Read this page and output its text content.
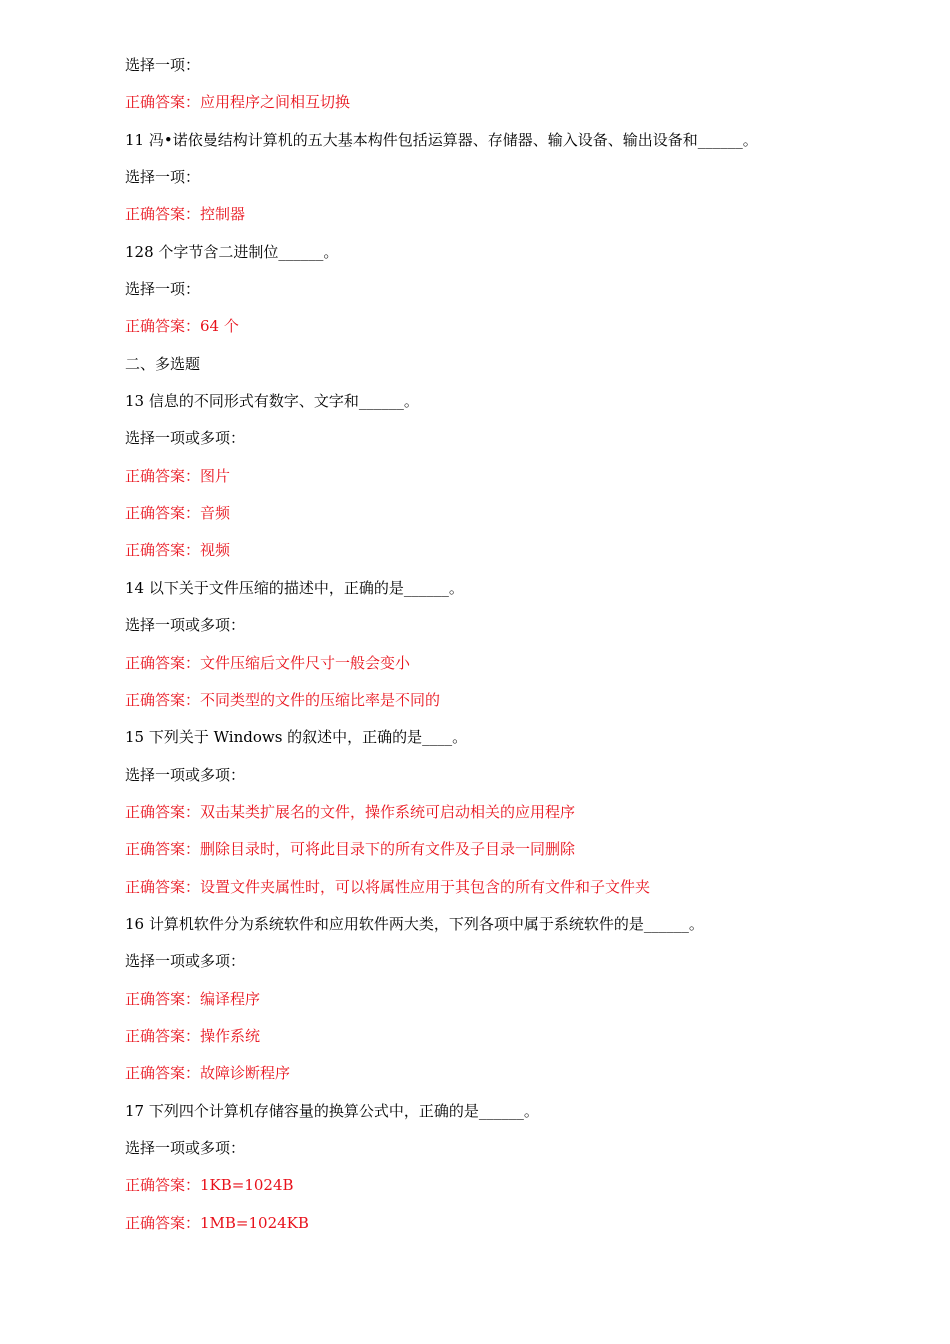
选择一项：
正确答案：应用程序之间相互切换
11 冯•诺依曼结构计算机的五大基本构件包括运算器、存储器、输入设备、输出设备和______。
选择一项：
正确答案：控制器
128 个字节含二进制位______。
选择一项：
正确答案：64 个
二、多选题
13 信息的不同形式有数字、文字和______。
选择一项或多项：
正确答案：图片
正确答案：音频
正确答案：视频
14 以下关于文件压缩的描述中，正确的是______。
选择一项或多项：
正确答案：文件压缩后文件尺寸一般会变小
正确答案：不同类型的文件的压缩比率是不同的
15 下列关于 Windows 的叙述中，正确的是____。
选择一项或多项：
正确答案：双击某类扩展名的文件，操作系统可启动相关的应用程序
正确答案：删除目录时，可将此目录下的所有文件及子目录一同删除
正确答案：设置文件夹属性时，可以将属性应用于其包含的所有文件和子文件夹
16 计算机软件分为系统软件和应用软件两大类，下列各项中属于系统软件的是______。
选择一项或多项：
正确答案：编译程序
正确答案：操作系统
正确答案：故障诊断程序
17 下列四个计算机存储容量的换算公式中，正确的是______。
选择一项或多项：
正确答案：1KB=1024B
正确答案：1MB=1024KB
